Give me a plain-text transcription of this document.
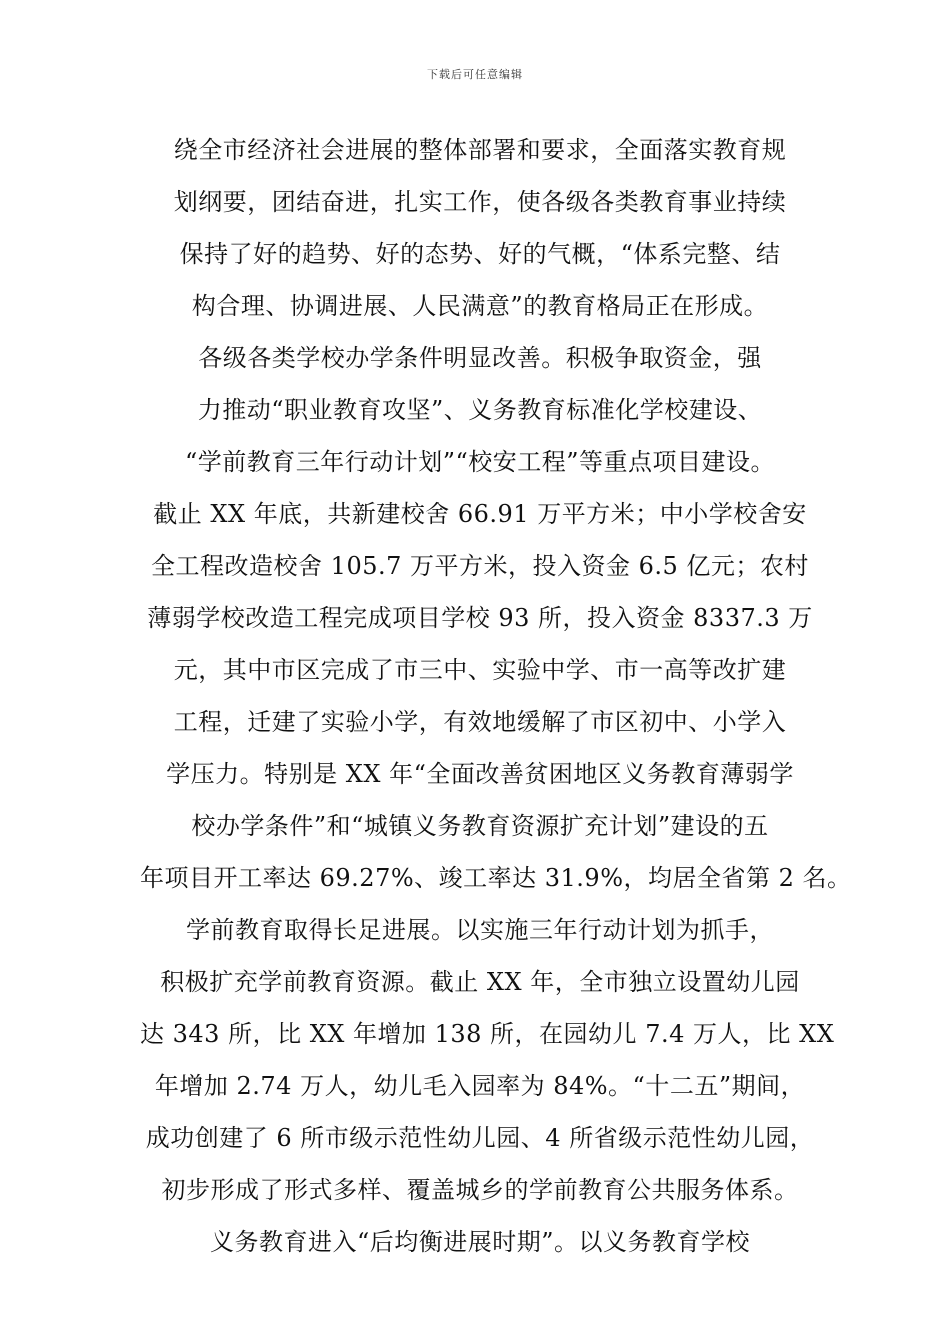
下载后可任意编辑
绕全市经济社会进展的整体部署和要求，全面落实教育规
划纲要，团结奋进，扎实工作，使各级各类教育事业持续
保持了好的趋势、好的态势、好的气概，“体系完整、结
构合理、协调进展、人民满意”的教育格局正在形成。
各级各类学校办学条件明显改善。积极争取资金，强
力推动“职业教育攻坚”、义务教育标准化学校建设、
“学前教育三年行动计划”“校安工程”等重点项目建设。
截止 XX 年底，共新建校舍 66.91 万平方米；中小学校舍安
全工程改造校舍 105.7 万平方米，投入资金 6.5 亿元；农村
薄弱学校改造工程完成项目学校 93 所，投入资金 8337.3 万
元，其中市区完成了市三中、实验中学、市一高等改扩建
工程，迁建了实验小学，有效地缓解了市区初中、小学入
学压力。特别是 XX 年“全面改善贫困地区义务教育薄弱学
校办学条件”和“城镇义务教育资源扩充计划”建设的五
年项目开工率达 69.27%、竣工率达 31.9%，均居全省第 2 名。
学前教育取得长足进展。以实施三年行动计划为抓手，
积极扩充学前教育资源。截止 XX 年，全市独立设置幼儿园
达 343 所，比 XX 年增加 138 所，在园幼儿 7.4 万人，比 XX
年增加 2.74 万人，幼儿毛入园率为 84%。“十二五”期间，
成功创建了 6 所市级示范性幼儿园、4 所省级示范性幼儿园，
初步形成了形式多样、覆盖城乡的学前教育公共服务体系。
义务教育进入“后均衡进展时期”。以义务教育学校
